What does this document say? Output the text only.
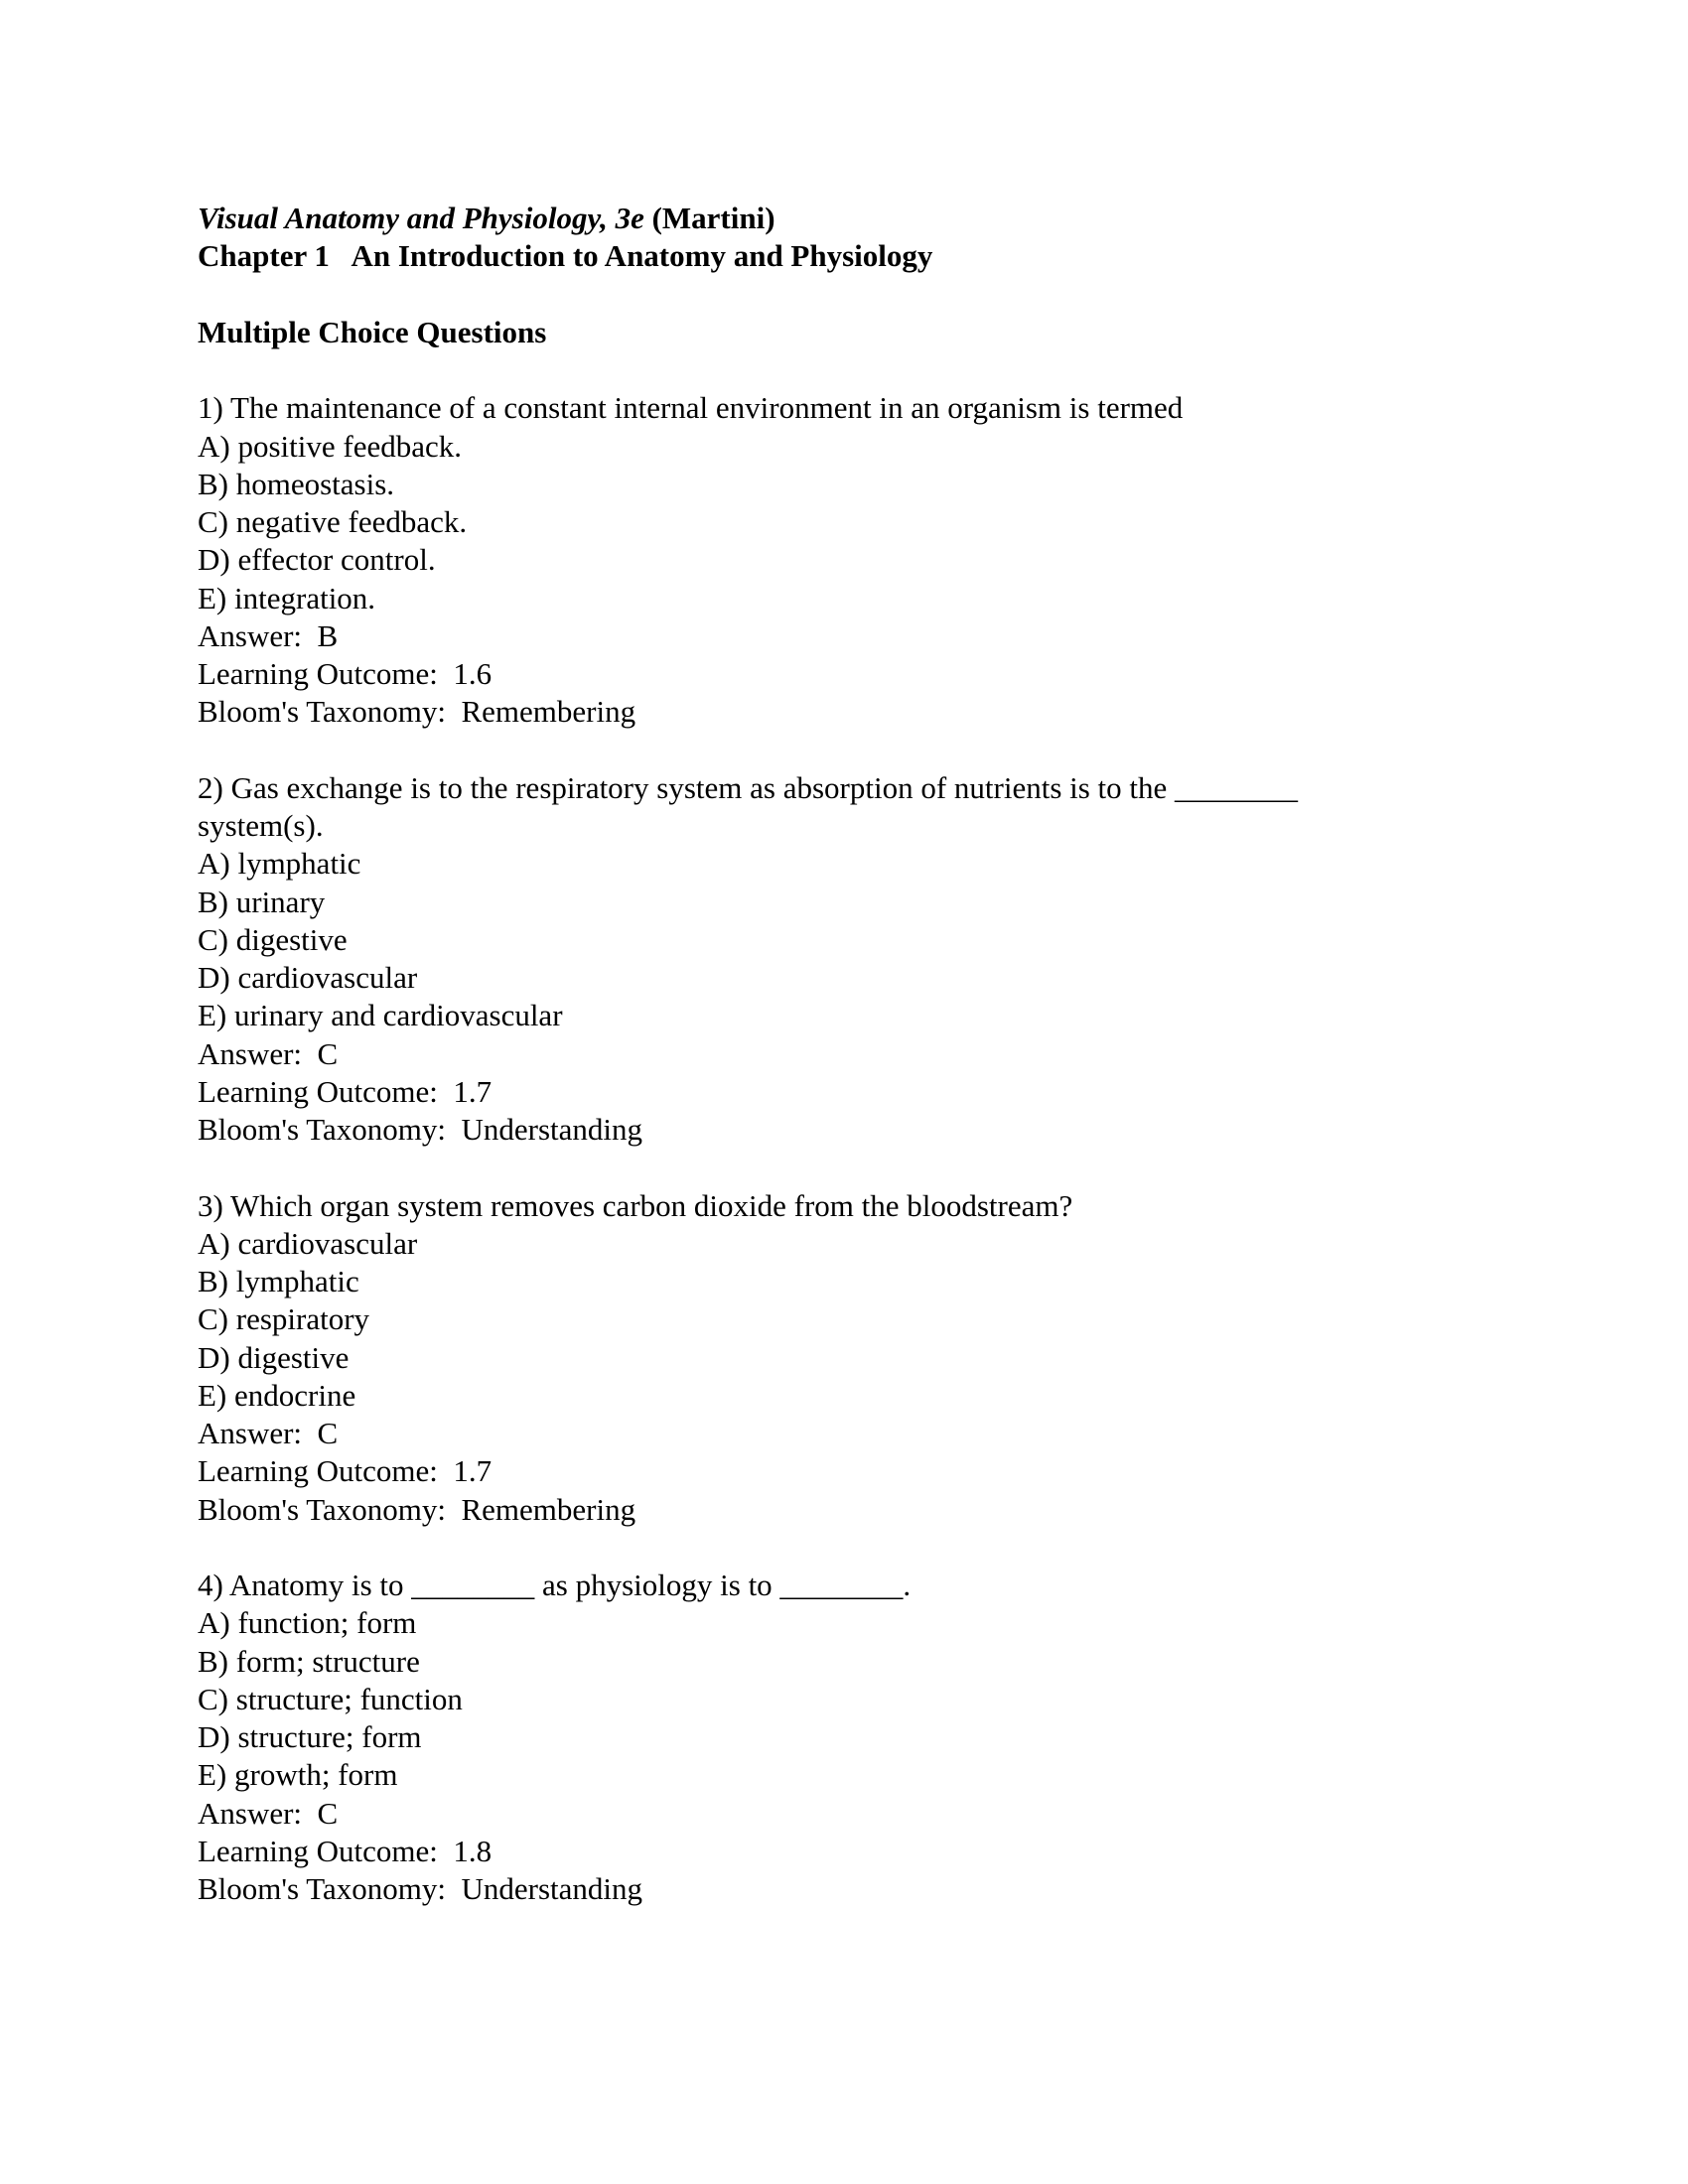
Visual Anatomy and Physiology, 3e (Martini)
Chapter 1   An Introduction to Anatomy and Physiology
Multiple Choice Questions
1) The maintenance of a constant internal environment in an organism is termed
A) positive feedback.
B) homeostasis.
C) negative feedback.
D) effector control.
E) integration.
Answer:  B
Learning Outcome:  1.6
Bloom's Taxonomy:  Remembering
2) Gas exchange is to the respiratory system as absorption of nutrients is to the ________
system(s).
A) lymphatic
B) urinary
C) digestive
D) cardiovascular
E) urinary and cardiovascular
Answer:  C
Learning Outcome:  1.7
Bloom's Taxonomy:  Understanding
3) Which organ system removes carbon dioxide from the bloodstream?
A) cardiovascular
B) lymphatic
C) respiratory
D) digestive
E) endocrine
Answer:  C
Learning Outcome:  1.7
Bloom's Taxonomy:  Remembering
4) Anatomy is to ________ as physiology is to ________.
A) function; form
B) form; structure
C) structure; function
D) structure; form
E) growth; form
Answer:  C
Learning Outcome:  1.8
Bloom's Taxonomy:  Understanding
